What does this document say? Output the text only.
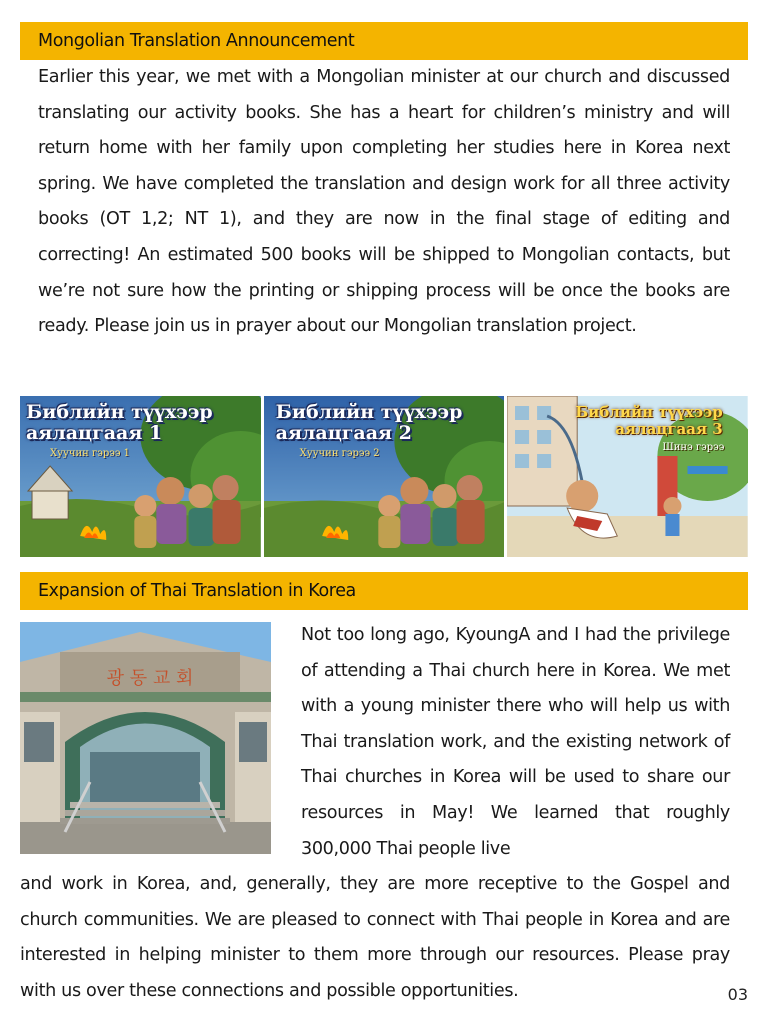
Mongolian Translation Announcement

Earlier this year, we met with a Mongolian minister at our church and discussed translating our activity books. She has a heart for children’s ministry and will return home with her family upon completing her studies here in Korea next spring. We have completed the translation and design work for all three activity books (OT 1,2; NT 1), and they are now in the final stage of editing and correcting! An estimated 500 books will be shipped to Mongolian contacts, but we’re not sure how the printing or shipping process will be once the books are ready. Please join us in prayer about our Mongolian translation project.

Библийн түүхээр
аялацгаая 1
Хуучин гэрээ 1
Библийн түүхээр
аялацгаая 2
Хуучин гэрээ 2
Библийн түүхээр
аялацгаая 3
Шинэ гэрээ
Expansion of Thai Translation in Korea
광 동 교 회

Not too long ago, KyoungA and I had the privilege of attending a Thai church here in Korea. We met with a young minister there who will help us with Thai translation work, and the existing network of Thai churches in Korea will be used to share our resources in May! We learned that roughly 300,000 Thai people live

and work in Korea, and, generally, they are more receptive to the Gospel and church communities. We are pleased to connect with Thai people in Korea and are interested in helping minister to them more through our resources. Please pray with us over these connections and possible opportunities.	03
